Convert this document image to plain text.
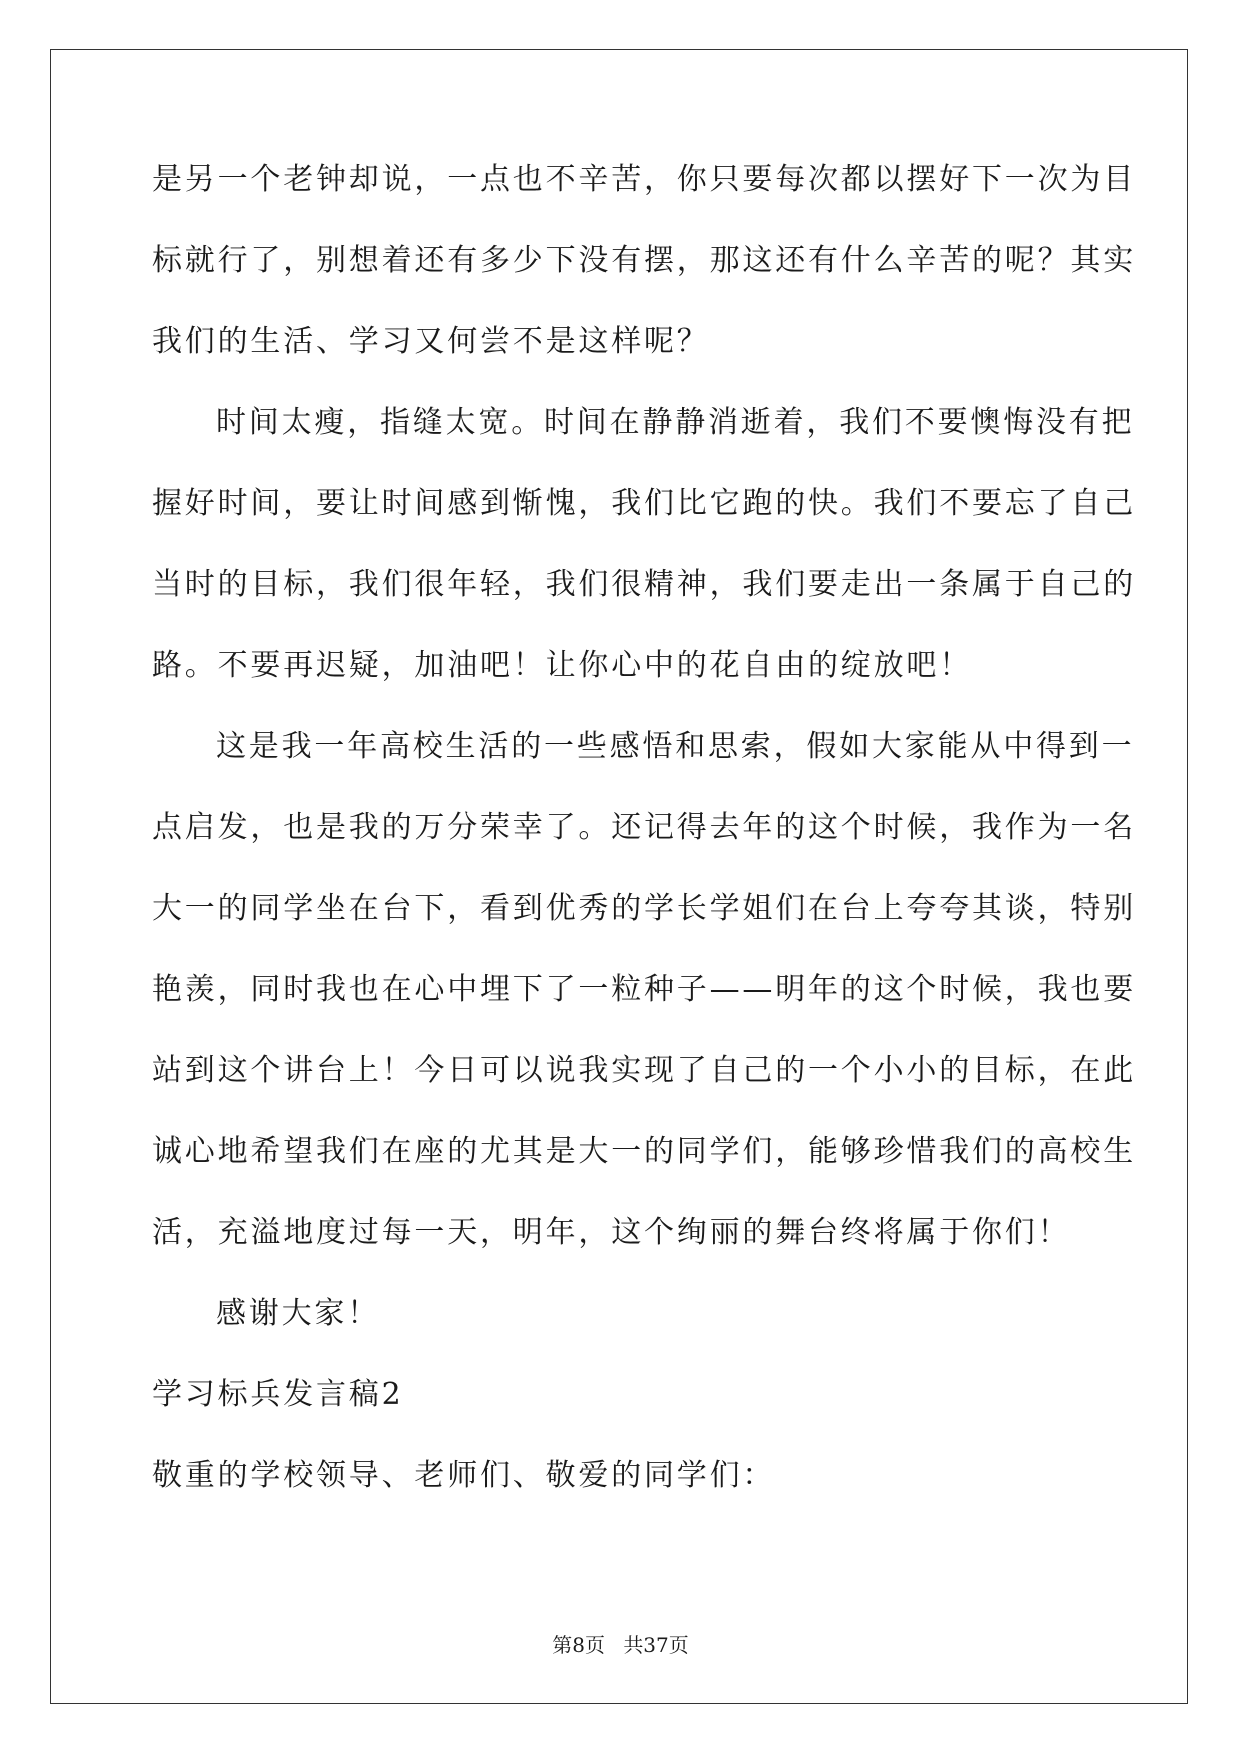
是另一个老钟却说，一点也不辛苦，你只要每次都以摆好下一次为目
标就行了，别想着还有多少下没有摆，那这还有什么辛苦的呢？其实
我们的生活、学习又何尝不是这样呢？
时间太瘦，指缝太宽。时间在静静消逝着，我们不要懊悔没有把
握好时间，要让时间感到惭愧，我们比它跑的快。我们不要忘了自己
当时的目标，我们很年轻，我们很精神，我们要走出一条属于自己的
路。不要再迟疑，加油吧！让你心中的花自由的绽放吧！
这是我一年高校生活的一些感悟和思索，假如大家能从中得到一
点启发，也是我的万分荣幸了。还记得去年的这个时候，我作为一名
大一的同学坐在台下，看到优秀的学长学姐们在台上夸夸其谈，特别
艳羡，同时我也在心中埋下了一粒种子——明年的这个时候，我也要
站到这个讲台上！今日可以说我实现了自己的一个小小的目标，在此
诚心地希望我们在座的尤其是大一的同学们，能够珍惜我们的高校生
活，充溢地度过每一天，明年，这个绚丽的舞台终将属于你们！
感谢大家！
学习标兵发言稿2
敬重的学校领导、老师们、敬爱的同学们：
第8页 共37页
